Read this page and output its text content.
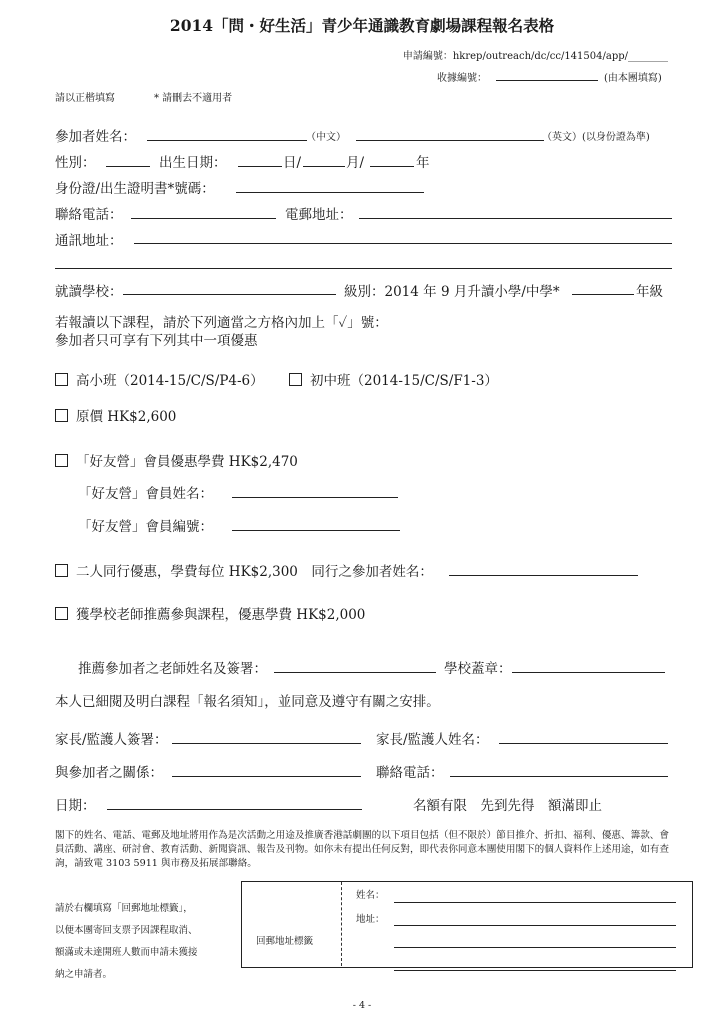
2014「問・好生活」青少年通識教育劇場課程報名表格
申請編號：hkrep/outreach/dc/cc/141504/app/________
收據編號：	(由本團填寫)
請以正楷填寫	* 請刪去不適用者
參加者姓名：	（中文）	（英文）(以身份證為準)
性別：	出生日期：	日/	月/	年
身份證/出生證明書*號碼：
聯絡電話：	電郵地址：
通訊地址：
就讀學校：	級別：2014 年 9 月升讀小學/中學*	年級
若報讀以下課程，請於下列適當之方格內加上「✓」號：
參加者只可享有下列其中一項優惠
高小班（2014-15/C/S/P4-6）	初中班（2014-15/C/S/F1-3）
原價 HK$2,600
「好友營」會員優惠學費 HK$2,470
「好友營」會員姓名：
「好友營」會員編號：
二人同行優惠，學費每位 HK$2,300　同行之參加者姓名：
獲學校老師推薦參與課程，優惠學費 HK$2,000
推薦參加者之老師姓名及簽署：	學校蓋章：
本人已細閱及明白課程「報名須知」，並同意及遵守有關之安排。
家長/監護人簽署：	家長/監護人姓名：
與參加者之關係：	聯絡電話：
日期：	名額有限　先到先得　額滿即止
閣下的姓名、電話、電郵及地址將用作為是次活動之用途及推廣香港話劇團的以下項目包括（但不限於）節目推介、折扣、福利、優惠、籌款、會員活動、講座、研討會、教育活動、新聞資訊、報告及刊物。如你未有提出任何反對，即代表你同意本團使用閣下的個人資料作上述用途，如有查詢，請致電 3103 5911 與市務及拓展部聯絡。
請於右欄填寫「回郵地址標籤」，
以便本團寄回支票予因課程取消、
額滿或未達開班人數而申請未獲接
納之申請者。
回郵地址標籤
姓名：
地址：
- 4 -
